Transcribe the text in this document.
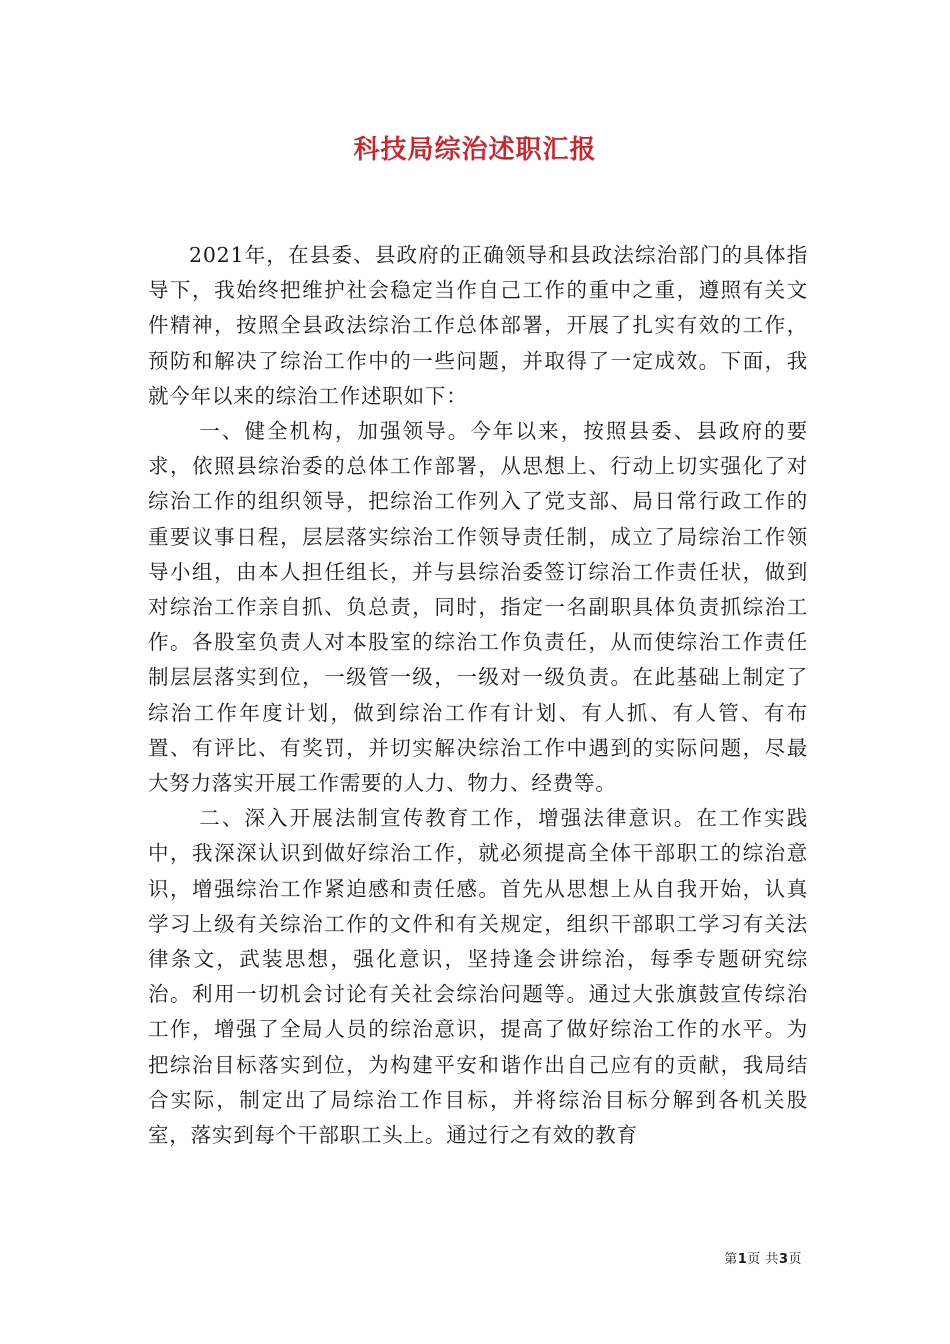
科技局综治述职汇报

2021年，在县委、县政府的正确领导和县政法综治部门的具体指导下，我始终把维护社会稳定当作自己工作的重中之重，遵照有关文件精神，按照全县政法综治工作总体部署，开展了扎实有效的工作，预防和解决了综治工作中的一些问题，并取得了一定成效。下面，我就今年以来的综治工作述职如下：

一、健全机构，加强领导。今年以来，按照县委、县政府的要求，依照县综治委的总体工作部署，从思想上、行动上切实强化了对综治工作的组织领导，把综治工作列入了党支部、局日常行政工作的重要议事日程，层层落实综治工作领导责任制，成立了局综治工作领导小组，由本人担任组长，并与县综治委签订综治工作责任状，做到对综治工作亲自抓、负总责，同时，指定一名副职具体负责抓综治工作。各股室负责人对本股室的综治工作负责任，从而使综治工作责任制层层落实到位，一级管一级，一级对一级负责。在此基础上制定了综治工作年度计划，做到综治工作有计划、有人抓、有人管、有布置、有评比、有奖罚，并切实解决综治工作中遇到的实际问题，尽最大努力落实开展工作需要的人力、物力、经费等。

二、深入开展法制宣传教育工作，增强法律意识。在工作实践中，我深深认识到做好综治工作，就必须提高全体干部职工的综治意识，增强综治工作紧迫感和责任感。首先从思想上从自我开始，认真学习上级有关综治工作的文件和有关规定，组织干部职工学习有关法律条文，武装思想，强化意识，坚持逢会讲综治，每季专题研究综治。利用一切机会讨论有关社会综治问题等。通过大张旗鼓宣传综治工作，增强了全局人员的综治意识，提高了做好综治工作的水平。为把综治目标落实到位，为构建平安和谐作出自己应有的贡献，我局结合实际，制定出了局综治工作目标，并将综治目标分解到各机关股室，落实到每个干部职工头上。通过行之有效的教育

第1页 共3页
